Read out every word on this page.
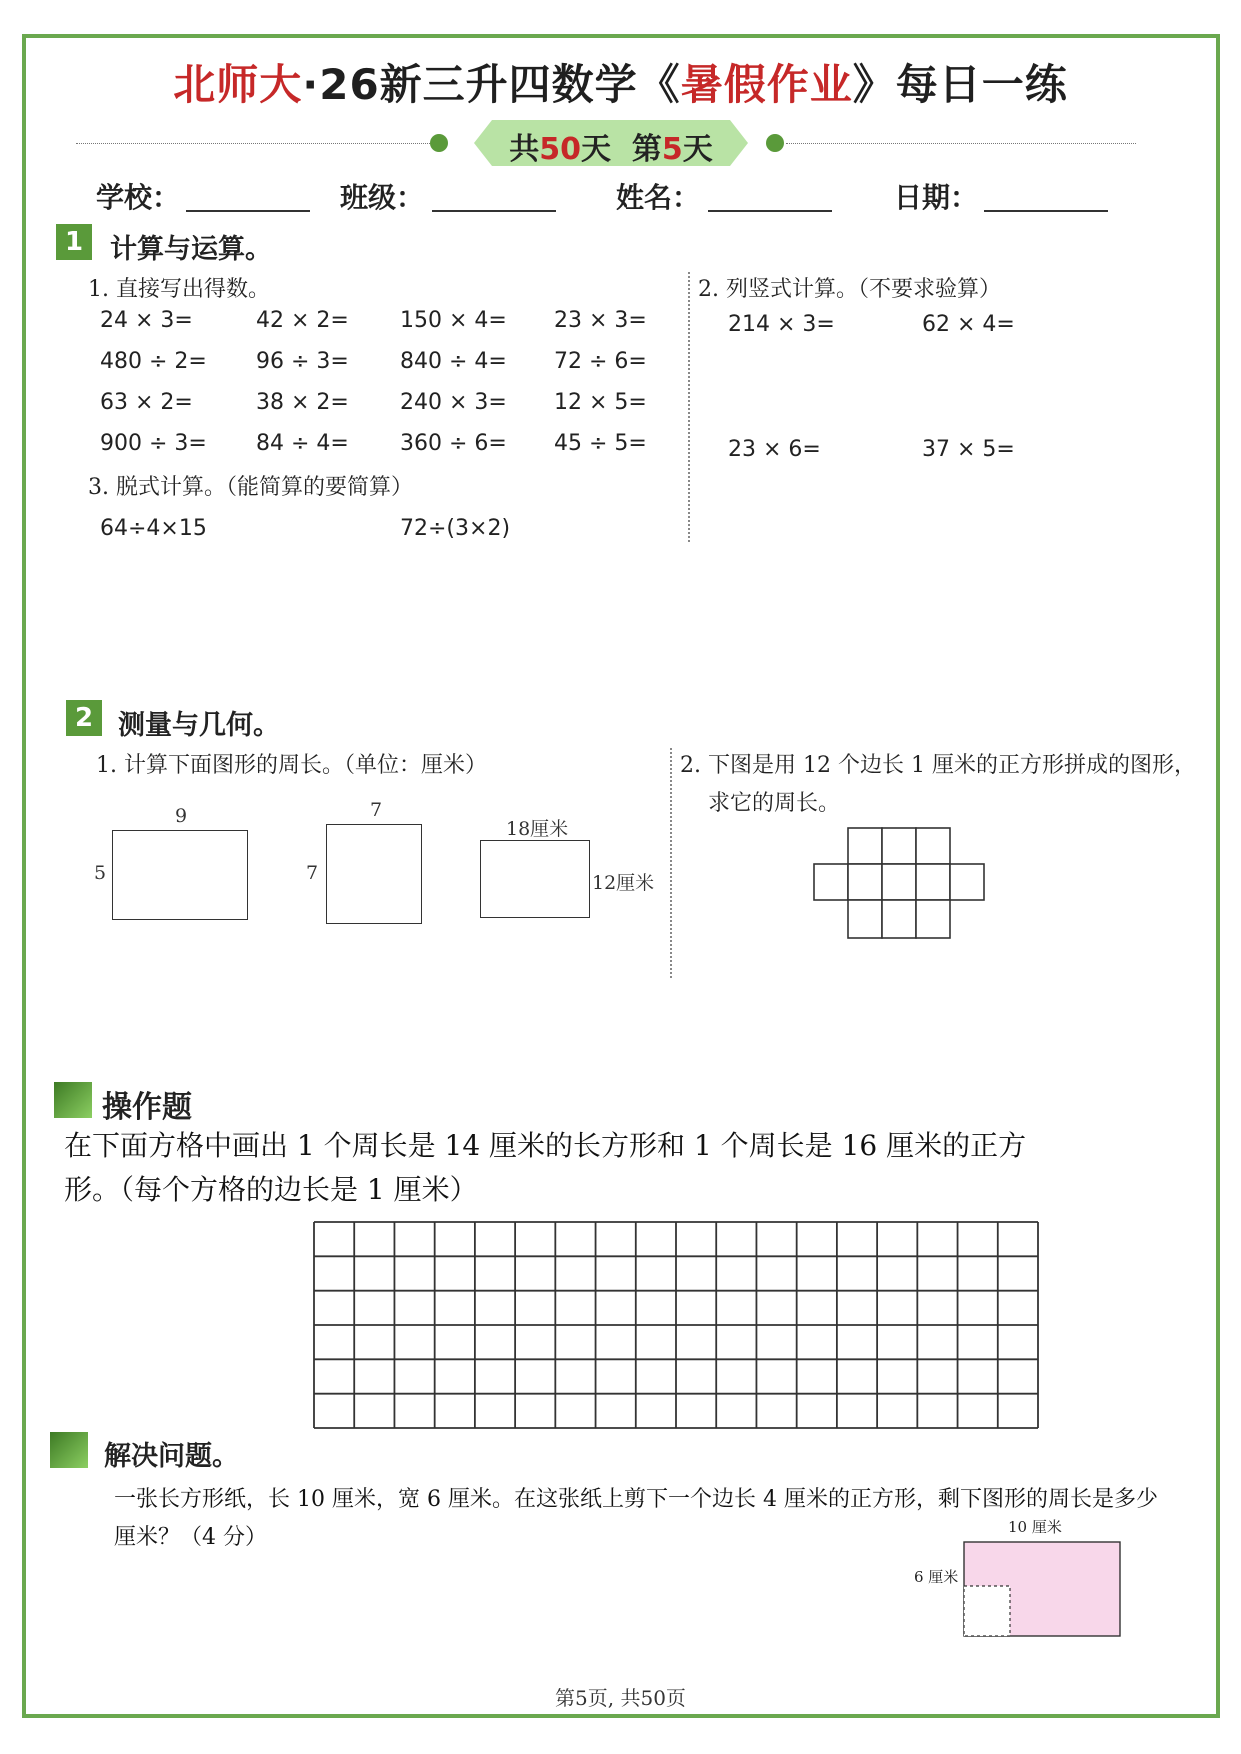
北师大·26新三升四数学《暑假作业》每日一练
共50天 第5天
学校：	班级：	姓名：	日期：
1 计算与运算。
1. 直接写出得数。
24 × 3=	42 × 2= 150 × 4= 23 × 3=
480 ÷ 2= 96 ÷ 3= 840 ÷ 4= 72 ÷ 6=
63 × 2=	38 × 2= 240 × 3= 12 × 5=
900 ÷ 3= 84 ÷ 4= 360 ÷ 6= 45 ÷ 5=
2. 列竖式计算。（不要求验算）
214 × 3=	62 × 4=
23 × 6=	37 × 5=
3. 脱式计算。（能简算的要简算）
64÷4×15	72÷(3×2)
2 测量与几何。
1. 计算下面图形的周长。（单位：厘米）
9
5
7
7
18厘米
12厘米
2. 下图是用 12 个边长 1 厘米的正方形拼成的图形，
求它的周长。
操作题
在下面方格中画出 1 个周长是 14 厘米的长方形和 1 个周长是 16 厘米的正方
形。（每个方格的边长是 1 厘米）
解决问题。
一张长方形纸，长 10 厘米，宽 6 厘米。在这张纸上剪下一个边长 4 厘米的正方形，剩下图形的周长是多少
厘米？（4 分）	10 厘米
6 厘米
第5页, 共50页
